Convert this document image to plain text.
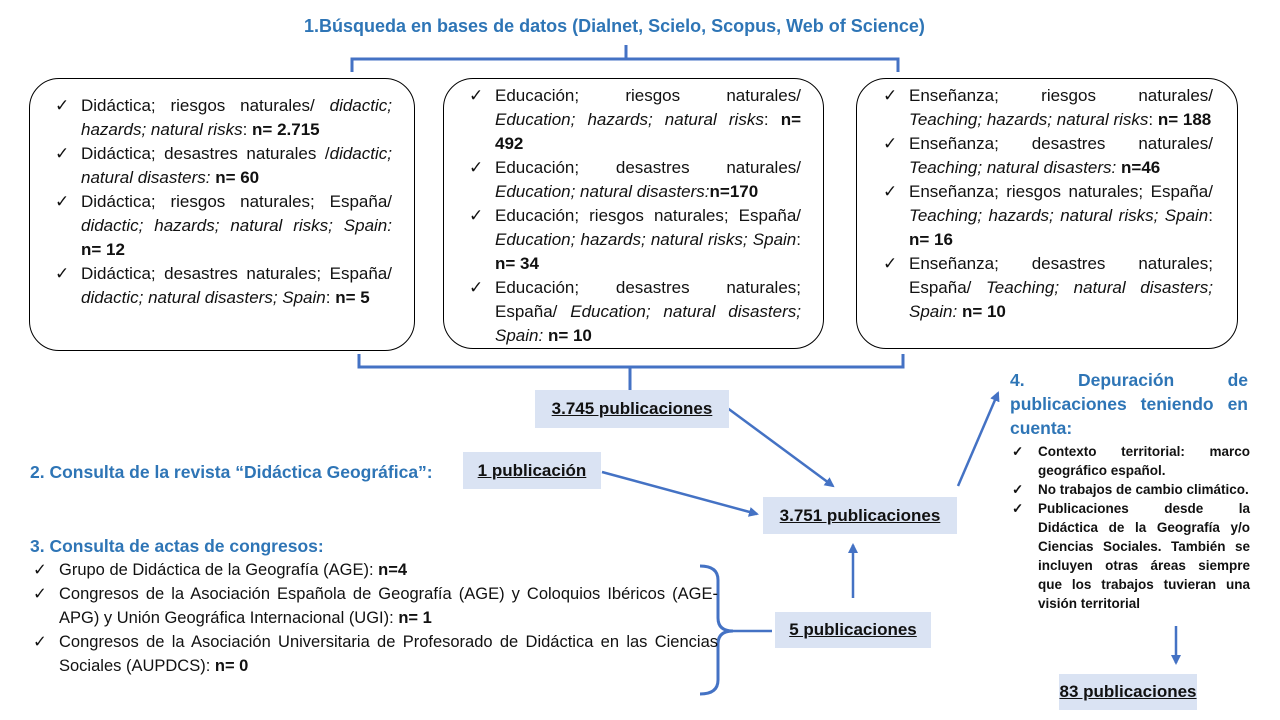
1.Búsqueda en bases de datos (Dialnet, Scielo, Scopus, Web of Science)
✓ Didáctica; riesgos naturales/ didactic; hazards; natural risks: n= 2.715
✓ Didáctica; desastres naturales /didactic; natural disasters: n= 60
✓ Didáctica; riesgos naturales; España/ didactic; hazards; natural risks; Spain: n= 12
✓ Didáctica; desastres naturales; España/ didactic; natural disasters; Spain: n= 5
✓ Educación; riesgos naturales/ Education; hazards; natural risks: n= 492
✓ Educación; desastres naturales/ Education; natural disasters:n=170
✓ Educación; riesgos naturales; España/ Education; hazards; natural risks; Spain: n= 34
✓ Educación; desastres naturales; España/ Education; natural disasters; Spain: n= 10
✓ Enseñanza; riesgos naturales/ Teaching; hazards; natural risks: n= 188
✓ Enseñanza; desastres naturales/ Teaching; natural disasters: n=46
✓ Enseñanza; riesgos naturales; España/ Teaching; hazards; natural risks; Spain: n= 16
✓ Enseñanza; desastres naturales; España/ Teaching; natural disasters; Spain: n= 10
3.745 publicaciones
2. Consulta de la revista “Didáctica Geográfica”:	1 publicación
3.751 publicaciones
3. Consulta de actas de congresos:
✓ Grupo de Didáctica de la Geografía (AGE): n=4
✓ Congresos de la Asociación Española de Geografía (AGE) y Coloquios Ibéricos (AGE-APG) y Unión Geográfica Internacional (UGI): n= 1
✓ Congresos de la Asociación Universitaria de Profesorado de Didáctica en las Ciencias Sociales (AUPDCS): n= 0
5 publicaciones
4. Depuración de publicaciones teniendo en cuenta:
✓ Contexto territorial: marco geográfico español.
✓ No trabajos de cambio climático.
✓ Publicaciones desde la Didáctica de la Geografía y/o Ciencias Sociales. También se incluyen otras áreas siempre que los trabajos tuvieran una visión territorial
83 publicaciones
